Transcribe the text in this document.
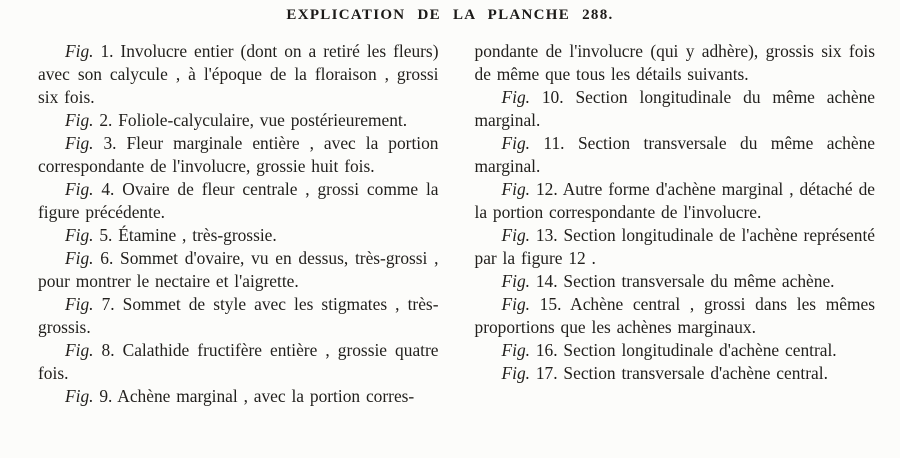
EXPLICATION DE LA PLANCHE 288.

Fig. 1. Involucre entier (dont on a retiré les fleurs) avec son calycule , à l'époque de la floraison , grossi six fois.

Fig. 2. Foliole-calyculaire, vue postérieurement.

Fig. 3. Fleur marginale entière , avec la portion correspondante de l'involucre, grossie huit fois.

Fig. 4. Ovaire de fleur centrale , grossi comme la figure précédente.

Fig. 5. Étamine , très-grossie.

Fig. 6. Sommet d'ovaire, vu en dessus, très-grossi , pour montrer le nectaire et l'aigrette.

Fig. 7. Sommet de style avec les stigmates , très-grossis.

Fig. 8. Calathide fructifère entière , grossie quatre fois.

Fig. 9. Achène marginal , avec la portion corres-

pondante de l'involucre (qui y adhère), grossis six fois de même que tous les détails suivants.

Fig. 10. Section longitudinale du même achène marginal.

Fig. 11. Section transversale du même achène marginal.

Fig. 12. Autre forme d'achène marginal , détaché de la portion correspondante de l'involucre.

Fig. 13. Section longitudinale de l'achène représenté par la figure 12 .

Fig. 14. Section transversale du même achène.

Fig. 15. Achène central , grossi dans les mêmes proportions que les achènes marginaux.

Fig. 16. Section longitudinale d'achène central.

Fig. 17. Section transversale d'achène central.
